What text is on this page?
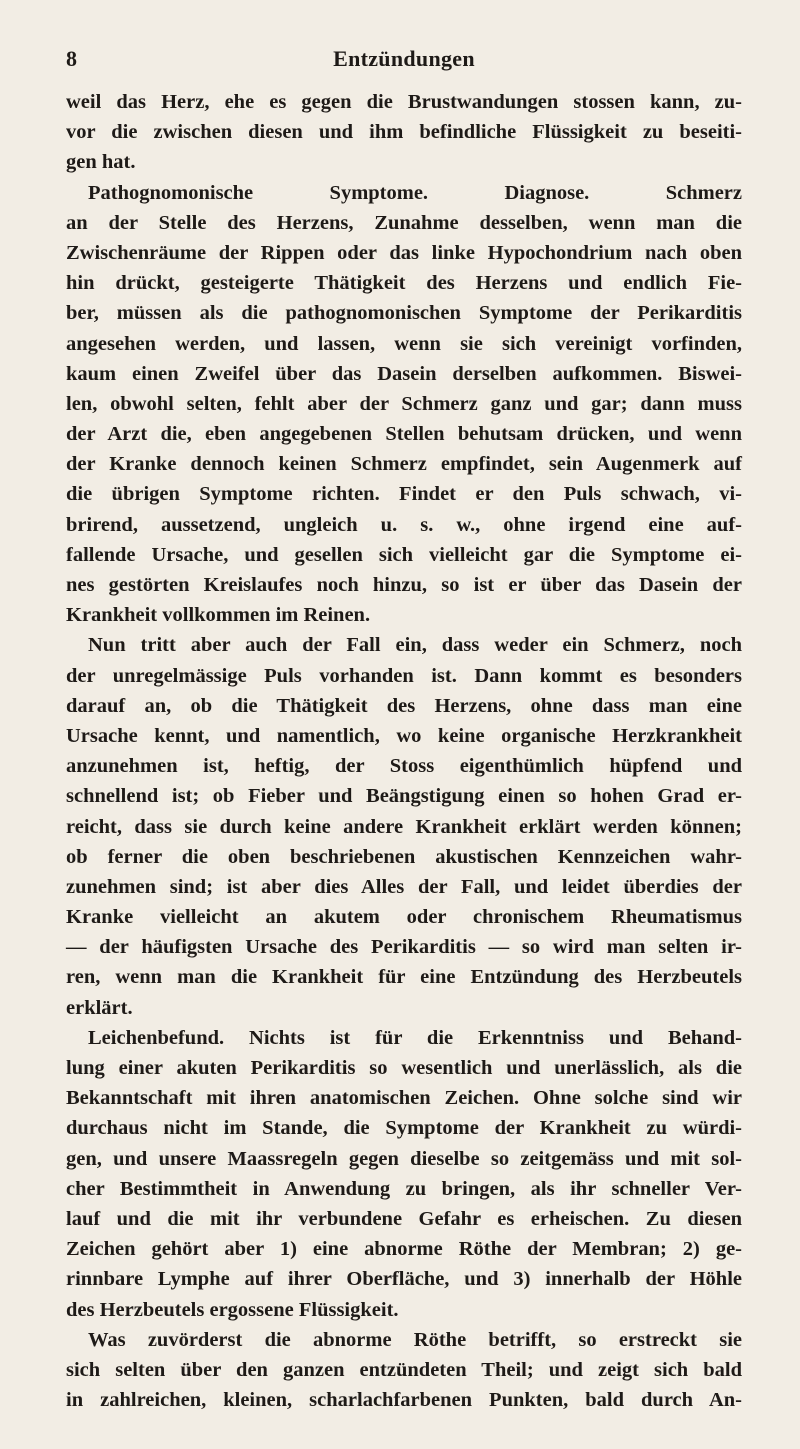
8	Entzündungen
weil das Herz, ehe es gegen die Brustwandungen stossen kann, zu-
vor die zwischen diesen und ihm befindliche Flüssigkeit zu beseiti-
gen hat.
Pathognomonische Symptome. Diagnose. Schmerz
an der Stelle des Herzens, Zunahme desselben, wenn man die
Zwischenräume der Rippen oder das linke Hypochondrium nach oben
hin drückt, gesteigerte Thätigkeit des Herzens und endlich Fie-
ber, müssen als die pathognomonischen Symptome der Perikarditis
angesehen werden, und lassen, wenn sie sich vereinigt vorfinden,
kaum einen Zweifel über das Dasein derselben aufkommen. Biswei-
len, obwohl selten, fehlt aber der Schmerz ganz und gar; dann muss
der Arzt die, eben angegebenen Stellen behutsam drücken, und wenn
der Kranke dennoch keinen Schmerz empfindet, sein Augenmerk auf
die übrigen Symptome richten. Findet er den Puls schwach, vi-
brirend, aussetzend, ungleich u. s. w., ohne irgend eine auf-
fallende Ursache, und gesellen sich vielleicht gar die Symptome ei-
nes gestörten Kreislaufes noch hinzu, so ist er über das Dasein der
Krankheit vollkommen im Reinen.
Nun tritt aber auch der Fall ein, dass weder ein Schmerz, noch
der unregelmässige Puls vorhanden ist. Dann kommt es besonders
darauf an, ob die Thätigkeit des Herzens, ohne dass man eine
Ursache kennt, und namentlich, wo keine organische Herzkrankheit
anzunehmen ist, heftig, der Stoss eigenthümlich hüpfend und
schnellend ist; ob Fieber und Beängstigung einen so hohen Grad er-
reicht, dass sie durch keine andere Krankheit erklärt werden können;
ob ferner die oben beschriebenen akustischen Kennzeichen wahr-
zunehmen sind; ist aber dies Alles der Fall, und leidet überdies der
Kranke vielleicht an akutem oder chronischem Rheumatismus
— der häufigsten Ursache des Perikarditis — so wird man selten ir-
ren, wenn man die Krankheit für eine Entzündung des Herzbeutels
erklärt.
Leichenbefund. Nichts ist für die Erkenntniss und Behand-
lung einer akuten Perikarditis so wesentlich und unerlässlich, als die
Bekanntschaft mit ihren anatomischen Zeichen. Ohne solche sind wir
durchaus nicht im Stande, die Symptome der Krankheit zu würdi-
gen, und unsere Maassregeln gegen dieselbe so zeitgemäss und mit sol-
cher Bestimmtheit in Anwendung zu bringen, als ihr schneller Ver-
lauf und die mit ihr verbundene Gefahr es erheischen. Zu diesen
Zeichen gehört aber 1) eine abnorme Röthe der Membran; 2) ge-
rinnbare Lymphe auf ihrer Oberfläche, und 3) innerhalb der Höhle
des Herzbeutels ergossene Flüssigkeit.
Was zuvörderst die abnorme Röthe betrifft, so erstreckt sie
sich selten über den ganzen entzündeten Theil; und zeigt sich bald
in zahlreichen, kleinen, scharlachfarbenen Punkten, bald durch An-
